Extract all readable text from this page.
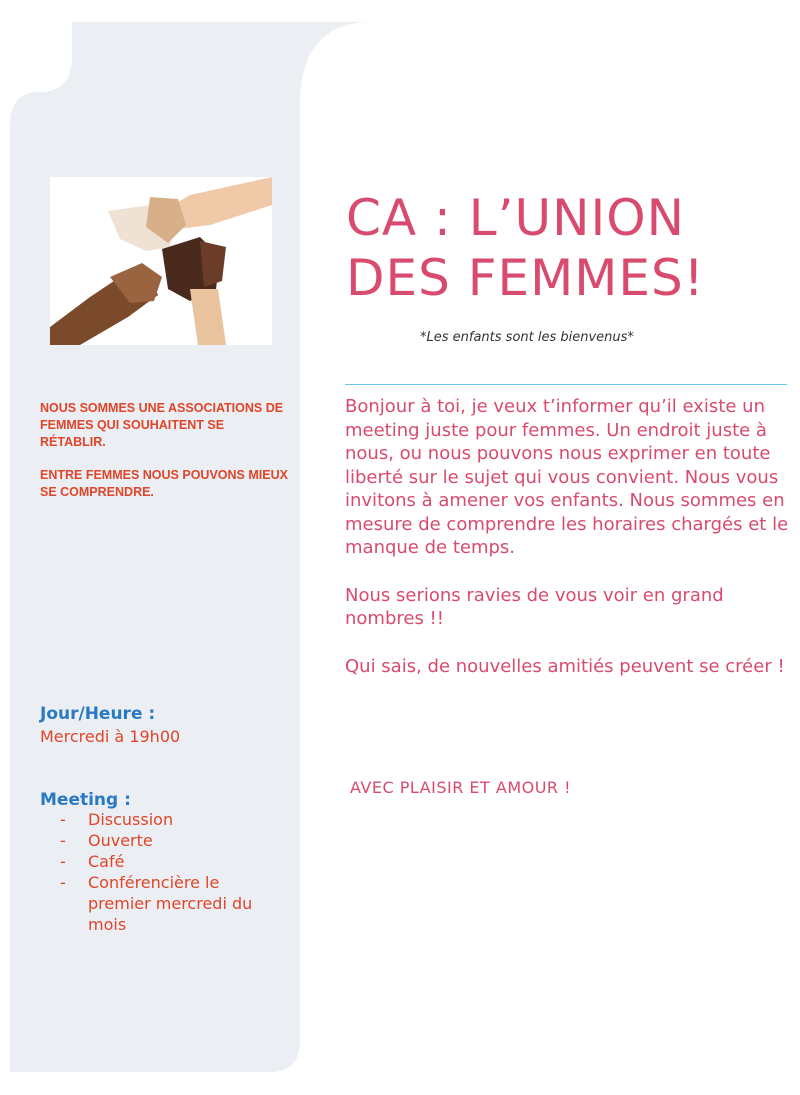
NOUS SOMMES UNE ASSOCIATIONS DE FEMMES QUI SOUHAITENT SE RÉTABLIR.

ENTRE FEMMES NOUS POUVONS MIEUX SE COMPRENDRE.

Jour/Heure :
Mercredi à 19h00
Meeting :
- Discussion
- Ouverte
- Café
- Conférencière le premier mercredi du mois
CA : L’UNION DES FEMMES!
*Les enfants sont les bienvenus*

Bonjour à toi, je veux t’informer qu’il existe un meeting juste pour femmes. Un endroit juste à nous, ou nous pouvons nous exprimer en toute liberté sur le sujet qui vous convient. Nous vous invitons à amener vos enfants. Nous sommes en mesure de comprendre les horaires chargés et le manque de temps.

Nous serions ravies de vous voir en grand nombres !!

Qui sais, de nouvelles amitiés peuvent se créer !

AVEC PLAISIR ET AMOUR !
